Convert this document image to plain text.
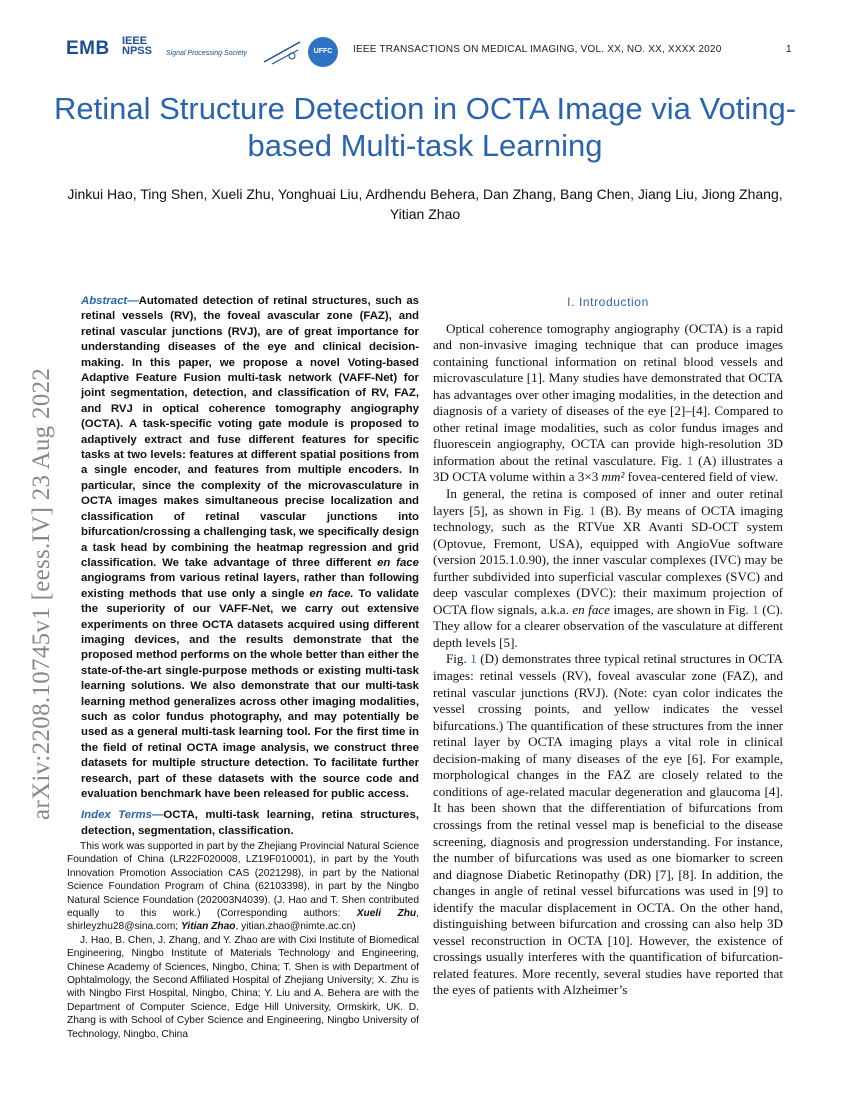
EMB IEEE
NPSS Signal Processing Society	UFFC	IEEE TRANSACTIONS ON MEDICAL IMAGING, VOL. XX, NO. XX, XXXX 2020	1
Retinal Structure Detection in OCTA Image via Voting-based Multi-task Learning
Jinkui Hao, Ting Shen, Xueli Zhu, Yonghuai Liu, Ardhendu Behera, Dan Zhang, Bang Chen, Jiang Liu, Jiong Zhang, Yitian Zhao
arXiv:2208.10745v1 [eess.IV] 23 Aug 2022
Abstract—Automated detection of retinal structures, such as retinal vessels (RV), the foveal avascular zone (FAZ), and retinal vascular junctions (RVJ), are of great importance for understanding diseases of the eye and clinical decision-making. In this paper, we propose a novel Voting-based Adaptive Feature Fusion multi-task network (VAFF-Net) for joint segmentation, detection, and classification of RV, FAZ, and RVJ in optical coherence tomography angiography (OCTA). A task-specific voting gate module is proposed to adaptively extract and fuse different features for specific tasks at two levels: features at different spatial positions from a single encoder, and features from multiple encoders. In particular, since the complexity of the microvasculature in OCTA images makes simultaneous precise localization and classification of retinal vascular junctions into bifurcation/crossing a challenging task, we specifically design a task head by combining the heatmap regression and grid classification. We take advantage of three different en face angiograms from various retinal layers, rather than following existing methods that use only a single en face. To validate the superiority of our VAFF-Net, we carry out extensive experiments on three OCTA datasets acquired using different imaging devices, and the results demonstrate that the proposed method performs on the whole better than either the state-of-the-art single-purpose methods or existing multi-task learning solutions. We also demonstrate that our multi-task learning method generalizes across other imaging modalities, such as color fundus photography, and may potentially be used as a general multi-task learning tool. For the first time in the field of retinal OCTA image analysis, we construct three datasets for multiple structure detection. To facilitate further research, part of these datasets with the source code and evaluation benchmark have been released for public access.
Index Terms—OCTA, multi-task learning, retina structures, detection, segmentation, classification.

This work was supported in part by the Zhejiang Provincial Natural Science Foundation of China (LR22F020008, LZ19F010001), in part by the Youth Innovation Promotion Association CAS (2021298), in part by the National Science Foundation Program of China (62103398), in part by the Ningbo Natural Science Foundation (202003N4039). (J. Hao and T. Shen contributed equally to this work.) (Corresponding authors: Xueli Zhu, shirleyzhu28@sina.com; Yitian Zhao, yitian.zhao@nimte.ac.cn)

J. Hao, B. Chen, J. Zhang, and Y. Zhao are with Cixi Institute of Biomedical Engineering, Ningbo Institute of Materials Technology and Engineering, Chinese Academy of Sciences, Ningbo, China; T. Shen is with Department of Ophtalmology, the Second Affiliated Hospital of Zhejiang University; X. Zhu is with Ningbo First Hospital, Ningbo, China; Y. Liu and A. Behera are with the Department of Computer Science, Edge Hill University, Ormskirk, UK. D. Zhang is with School of Cyber Science and Engineering, Ningbo University of Technology, Ningbo, China

I. Introduction

Optical coherence tomography angiography (OCTA) is a rapid and non-invasive imaging technique that can produce images containing functional information on retinal blood vessels and microvasculature [1]. Many studies have demonstrated that OCTA has advantages over other imaging modalities, in the detection and diagnosis of a variety of diseases of the eye [2]–[4]. Compared to other retinal image modalities, such as color fundus images and fluorescein angiography, OCTA can provide high-resolution 3D information about the retinal vasculature. Fig. 1 (A) illustrates a 3D OCTA volume within a 3×3 mm² fovea-centered field of view.

In general, the retina is composed of inner and outer retinal layers [5], as shown in Fig. 1 (B). By means of OCTA imaging technology, such as the RTVue XR Avanti SD-OCT system (Optovue, Fremont, USA), equipped with AngioVue software (version 2015.1.0.90), the inner vascular complexes (IVC) may be further subdivided into superficial vascular complexes (SVC) and deep vascular complexes (DVC): their maximum projection of OCTA flow signals, a.k.a. en face images, are shown in Fig. 1 (C). They allow for a clearer observation of the vasculature at different depth levels [5].

Fig. 1 (D) demonstrates three typical retinal structures in OCTA images: retinal vessels (RV), foveal avascular zone (FAZ), and retinal vascular junctions (RVJ). (Note: cyan color indicates the vessel crossing points, and yellow indicates the vessel bifurcations.) The quantification of these structures from the inner retinal layer by OCTA imaging plays a vital role in clinical decision-making of many diseases of the eye [6]. For example, morphological changes in the FAZ are closely related to the conditions of age-related macular degeneration and glaucoma [4]. It has been shown that the differentiation of bifurcations from crossings from the retinal vessel map is beneficial to the disease screening, diagnosis and progression understanding. For instance, the number of bifurcations was used as one biomarker to screen and diagnose Diabetic Retinopathy (DR) [7], [8]. In addition, the changes in angle of retinal vessel bifurcations was used in [9] to identify the macular displacement in OCTA. On the other hand, distinguishing between bifurcation and crossing can also help 3D vessel reconstruction in OCTA [10]. However, the existence of crossings usually interferes with the quantification of bifurcation-related features. More recently, several studies have reported that the eyes of patients with Alzheimer’s
